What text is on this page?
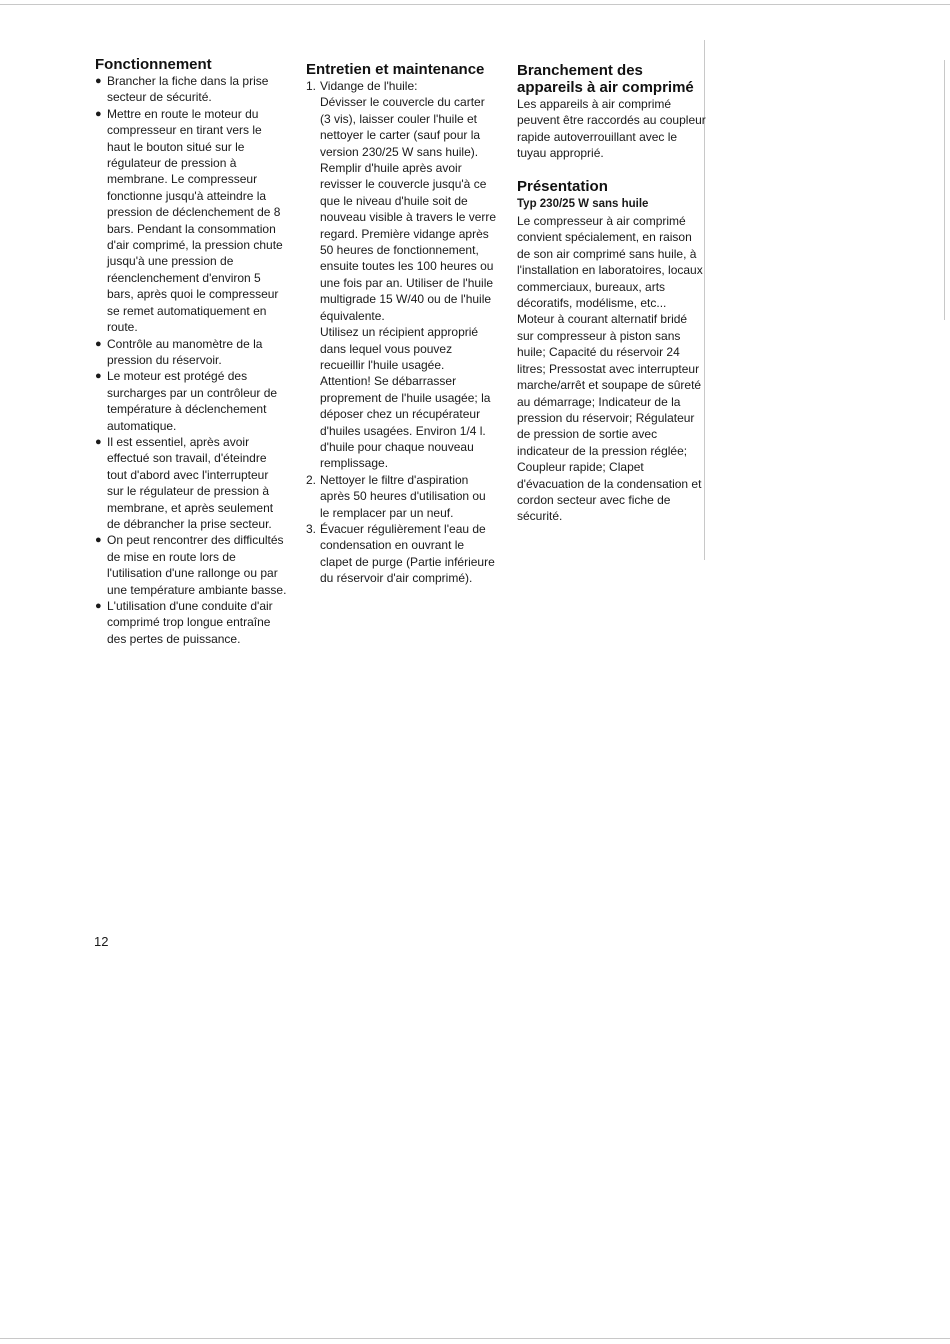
Fonctionnement
● Brancher la fiche dans la prise secteur de sécurité.
● Mettre en route le moteur du compresseur en tirant vers le haut le bouton situé sur le régulateur de pression à membrane. Le compresseur fonctionne jusqu'à atteindre la pression de déclenchement de 8 bars. Pendant la consommation d'air comprimé, la pression chute jusqu'à une pression de réenclenchement d'environ 5 bars, après quoi le compresseur se remet automatiquement en route.
● Contrôle au manomètre de la pression du réservoir.
● Le moteur est protégé des surcharges par un contrôleur de température à déclenchement automatique.
● Il est essentiel, après avoir effectué son travail, d'éteindre tout d'abord avec l'interrupteur sur le régulateur de pression à membrane, et après seulement de débrancher la prise secteur.
● On peut rencontrer des difficultés de mise en route lors de l'utilisation d'une rallonge ou par une température ambiante basse.
● L'utilisation d'une conduite d'air comprimé trop longue entraîne des pertes de puissance.
Entretien et maintenance
1. Vidange de l'huile:
Dévisser le couvercle du carter (3 vis), laisser couler l'huile et nettoyer le carter (sauf pour la version 230/25 W sans huile). Remplir d'huile après avoir revisser le couvercle jusqu'à ce que le niveau d'huile soit de nouveau visible à travers le verre regard. Première vidange après 50 heures de fonctionnement, ensuite toutes les 100 heures ou une fois par an. Utiliser de l'huile multigrade 15 W/40 ou de l'huile équivalente.
Utilisez un récipient approprié dans lequel vous pouvez recueillir l'huile usagée.
Attention! Se débarrasser proprement de l'huile usagée; la déposer chez un récupérateur d'huiles usagées. Environ 1/4 l. d'huile pour chaque nouveau remplissage.
2. Nettoyer le filtre d'aspiration après 50 heures d'utilisation ou le remplacer par un neuf.
3. Évacuer régulièrement l'eau de condensation en ouvrant le clapet de purge (Partie inférieure du réservoir d'air comprimé).
Branchement des appareils à air comprimé
Les appareils à air comprimé peuvent être raccordés au coupleur rapide autoverrouillant avec le tuyau approprié.
Présentation
Typ 230/25 W sans huile
Le compresseur à air comprimé convient spécialement, en raison de son air comprimé sans huile, à l'installation en laboratoires, locaux commerciaux, bureaux, arts décoratifs, modélisme, etc... Moteur à courant alternatif bridé sur compresseur à piston sans huile; Capacité du réservoir 24 litres; Pressostat avec interrupteur marche/arrêt et soupape de sûreté au démarrage; Indicateur de la pression du réservoir; Régulateur de pression de sortie avec indicateur de la pression réglée; Coupleur rapide; Clapet d'évacuation de la condensation et cordon secteur avec fiche de sécurité.
12
